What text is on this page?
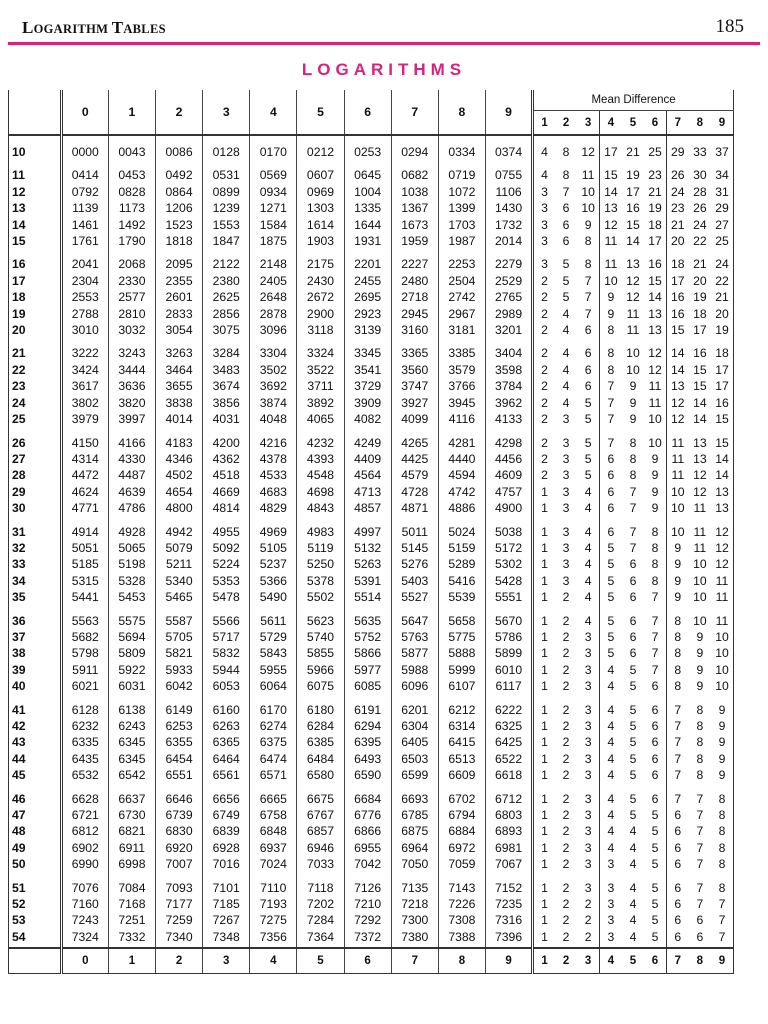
LOGARITHM TABLES	185
LOGARITHMS
	0	1	2	3	4	5	6	7	8	9	Mean Difference								
											1	2	3	4	5	6	7	8	9

10	0000	0043	0086	0128	0170	0212	0253	0294	0334	0374	4	8	12	17	21	25	29	33	37

11	0414	0453	0492	0531	0569	0607	0645	0682	0719	0755	4	8	11	15	19	23	26	30	34
12	0792	0828	0864	0899	0934	0969	1004	1038	1072	1106	3	7	10	14	17	21	24	28	31
13	1139	1173	1206	1239	1271	1303	1335	1367	1399	1430	3	6	10	13	16	19	23	26	29
14	1461	1492	1523	1553	1584	1614	1644	1673	1703	1732	3	6	9	12	15	18	21	24	27
15	1761	1790	1818	1847	1875	1903	1931	1959	1987	2014	3	6	8	11	14	17	20	22	25

16	2041	2068	2095	2122	2148	2175	2201	2227	2253	2279	3	5	8	11	13	16	18	21	24
17	2304	2330	2355	2380	2405	2430	2455	2480	2504	2529	2	5	7	10	12	15	17	20	22
18	2553	2577	2601	2625	2648	2672	2695	2718	2742	2765	2	5	7	9	12	14	16	19	21
19	2788	2810	2833	2856	2878	2900	2923	2945	2967	2989	2	4	7	9	11	13	16	18	20
20	3010	3032	3054	3075	3096	3118	3139	3160	3181	3201	2	4	6	8	11	13	15	17	19

21	3222	3243	3263	3284	3304	3324	3345	3365	3385	3404	2	4	6	8	10	12	14	16	18
22	3424	3444	3464	3483	3502	3522	3541	3560	3579	3598	2	4	6	8	10	12	14	15	17
23	3617	3636	3655	3674	3692	3711	3729	3747	3766	3784	2	4	6	7	9	11	13	15	17
24	3802	3820	3838	3856	3874	3892	3909	3927	3945	3962	2	4	5	7	9	11	12	14	16
25	3979	3997	4014	4031	4048	4065	4082	4099	4116	4133	2	3	5	7	9	10	12	14	15

26	4150	4166	4183	4200	4216	4232	4249	4265	4281	4298	2	3	5	7	8	10	11	13	15
27	4314	4330	4346	4362	4378	4393	4409	4425	4440	4456	2	3	5	6	8	9	11	13	14
28	4472	4487	4502	4518	4533	4548	4564	4579	4594	4609	2	3	5	6	8	9	11	12	14
29	4624	4639	4654	4669	4683	4698	4713	4728	4742	4757	1	3	4	6	7	9	10	12	13
30	4771	4786	4800	4814	4829	4843	4857	4871	4886	4900	1	3	4	6	7	9	10	11	13

31	4914	4928	4942	4955	4969	4983	4997	5011	5024	5038	1	3	4	6	7	8	10	11	12
32	5051	5065	5079	5092	5105	5119	5132	5145	5159	5172	1	3	4	5	7	8	9	11	12
33	5185	5198	5211	5224	5237	5250	5263	5276	5289	5302	1	3	4	5	6	8	9	10	12
34	5315	5328	5340	5353	5366	5378	5391	5403	5416	5428	1	3	4	5	6	8	9	10	11
35	5441	5453	5465	5478	5490	5502	5514	5527	5539	5551	1	2	4	5	6	7	9	10	11

36	5563	5575	5587	5566	5611	5623	5635	5647	5658	5670	1	2	4	5	6	7	8	10	11
37	5682	5694	5705	5717	5729	5740	5752	5763	5775	5786	1	2	3	5	6	7	8	9	10
38	5798	5809	5821	5832	5843	5855	5866	5877	5888	5899	1	2	3	5	6	7	8	9	10
39	5911	5922	5933	5944	5955	5966	5977	5988	5999	6010	1	2	3	4	5	7	8	9	10
40	6021	6031	6042	6053	6064	6075	6085	6096	6107	6117	1	2	3	4	5	6	8	9	10

41	6128	6138	6149	6160	6170	6180	6191	6201	6212	6222	1	2	3	4	5	6	7	8	9
42	6232	6243	6253	6263	6274	6284	6294	6304	6314	6325	1	2	3	4	5	6	7	8	9
43	6335	6345	6355	6365	6375	6385	6395	6405	6415	6425	1	2	3	4	5	6	7	8	9
44	6435	6345	6454	6464	6474	6484	6493	6503	6513	6522	1	2	3	4	5	6	7	8	9
45	6532	6542	6551	6561	6571	6580	6590	6599	6609	6618	1	2	3	4	5	6	7	8	9

46	6628	6637	6646	6656	6665	6675	6684	6693	6702	6712	1	2	3	4	5	6	7	7	8
47	6721	6730	6739	6749	6758	6767	6776	6785	6794	6803	1	2	3	4	5	5	6	7	8
48	6812	6821	6830	6839	6848	6857	6866	6875	6884	6893	1	2	3	4	4	5	6	7	8
49	6902	6911	6920	6928	6937	6946	6955	6964	6972	6981	1	2	3	4	4	5	6	7	8
50	6990	6998	7007	7016	7024	7033	7042	7050	7059	7067	1	2	3	3	4	5	6	7	8

51	7076	7084	7093	7101	7110	7118	7126	7135	7143	7152	1	2	3	3	4	5	6	7	8
52	7160	7168	7177	7185	7193	7202	7210	7218	7226	7235	1	2	2	3	4	5	6	7	7
53	7243	7251	7259	7267	7275	7284	7292	7300	7308	7316	1	2	2	3	4	5	6	6	7
54	7324	7332	7340	7348	7356	7364	7372	7380	7388	7396	1	2	2	3	4	5	6	6	7
	0	1	2	3	4	5	6	7	8	9	1	2	3	4	5	6	7	8	9
